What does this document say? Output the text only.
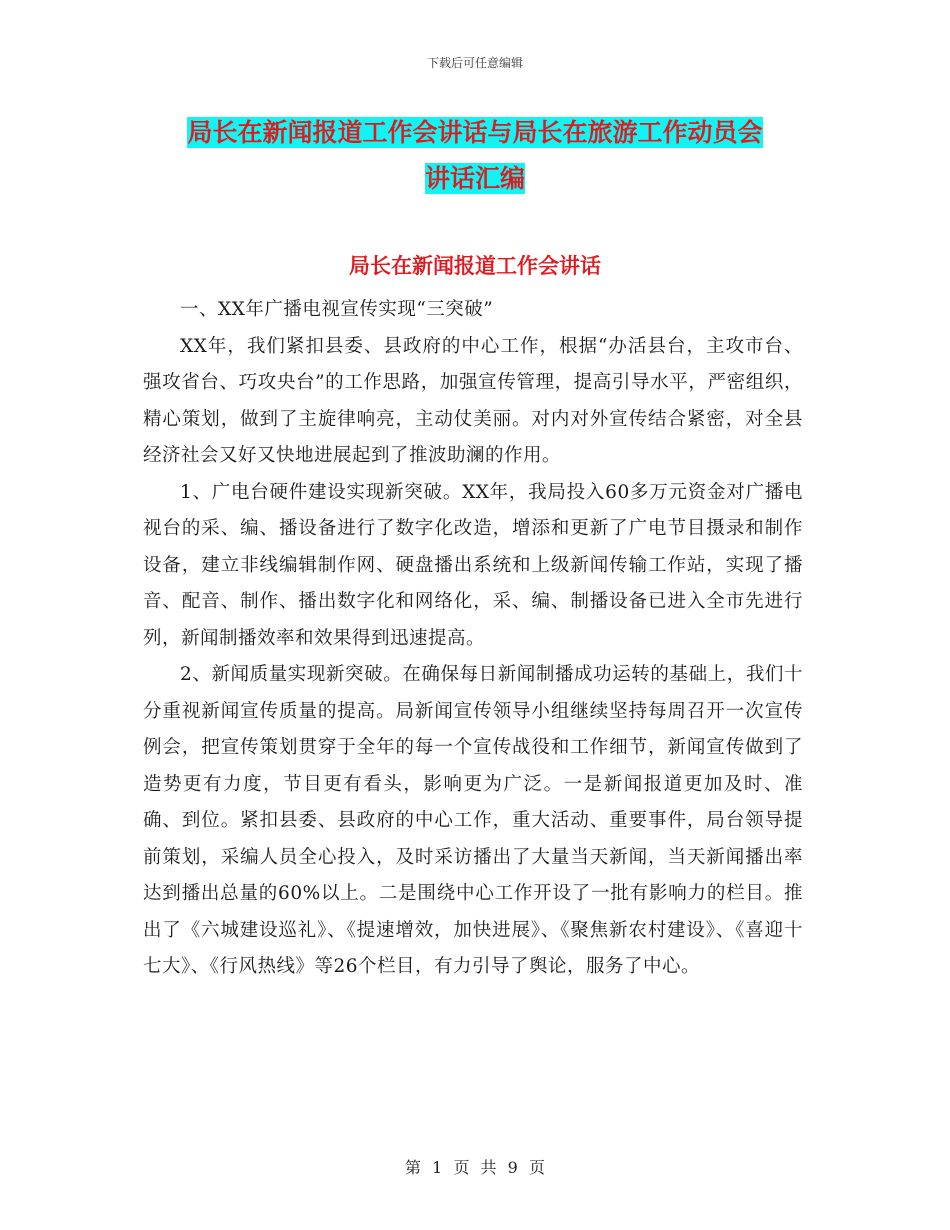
下载后可任意编辑
局长在新闻报道工作会讲话与局长在旅游工作动员会
讲话汇编
局长在新闻报道工作会讲话

一、XX年广播电视宣传实现“三突破”

XX年，我们紧扣县委、县政府的中心工作，根据“办活县台，主攻市台、强攻省台、巧攻央台”的工作思路，加强宣传管理，提高引导水平，严密组织，精心策划，做到了主旋律响亮，主动仗美丽。对内对外宣传结合紧密，对全县经济社会又好又快地进展起到了推波助澜的作用。

1、广电台硬件建设实现新突破。XX年，我局投入60多万元资金对广播电视台的采、编、播设备进行了数字化改造，增添和更新了广电节目摄录和制作设备，建立非线编辑制作网、硬盘播出系统和上级新闻传输工作站，实现了播音、配音、制作、播出数字化和网络化，采、编、制播设备已进入全市先进行列，新闻制播效率和效果得到迅速提高。

2、新闻质量实现新突破。在确保每日新闻制播成功运转的基础上，我们十分重视新闻宣传质量的提高。局新闻宣传领导小组继续坚持每周召开一次宣传例会，把宣传策划贯穿于全年的每一个宣传战役和工作细节，新闻宣传做到了造势更有力度，节目更有看头，影响更为广泛。一是新闻报道更加及时、准确、到位。紧扣县委、县政府的中心工作，重大活动、重要事件，局台领导提前策划，采编人员全心投入，及时采访播出了大量当天新闻，当天新闻播出率达到播出总量的60%以上。二是围绕中心工作开设了一批有影响力的栏目。推出了《六城建设巡礼》、《提速增效，加快进展》、《聚焦新农村建设》、《喜迎十七大》、《行风热线》等26个栏目，有力引导了舆论，服务了中心。

第 1 页 共 9 页
